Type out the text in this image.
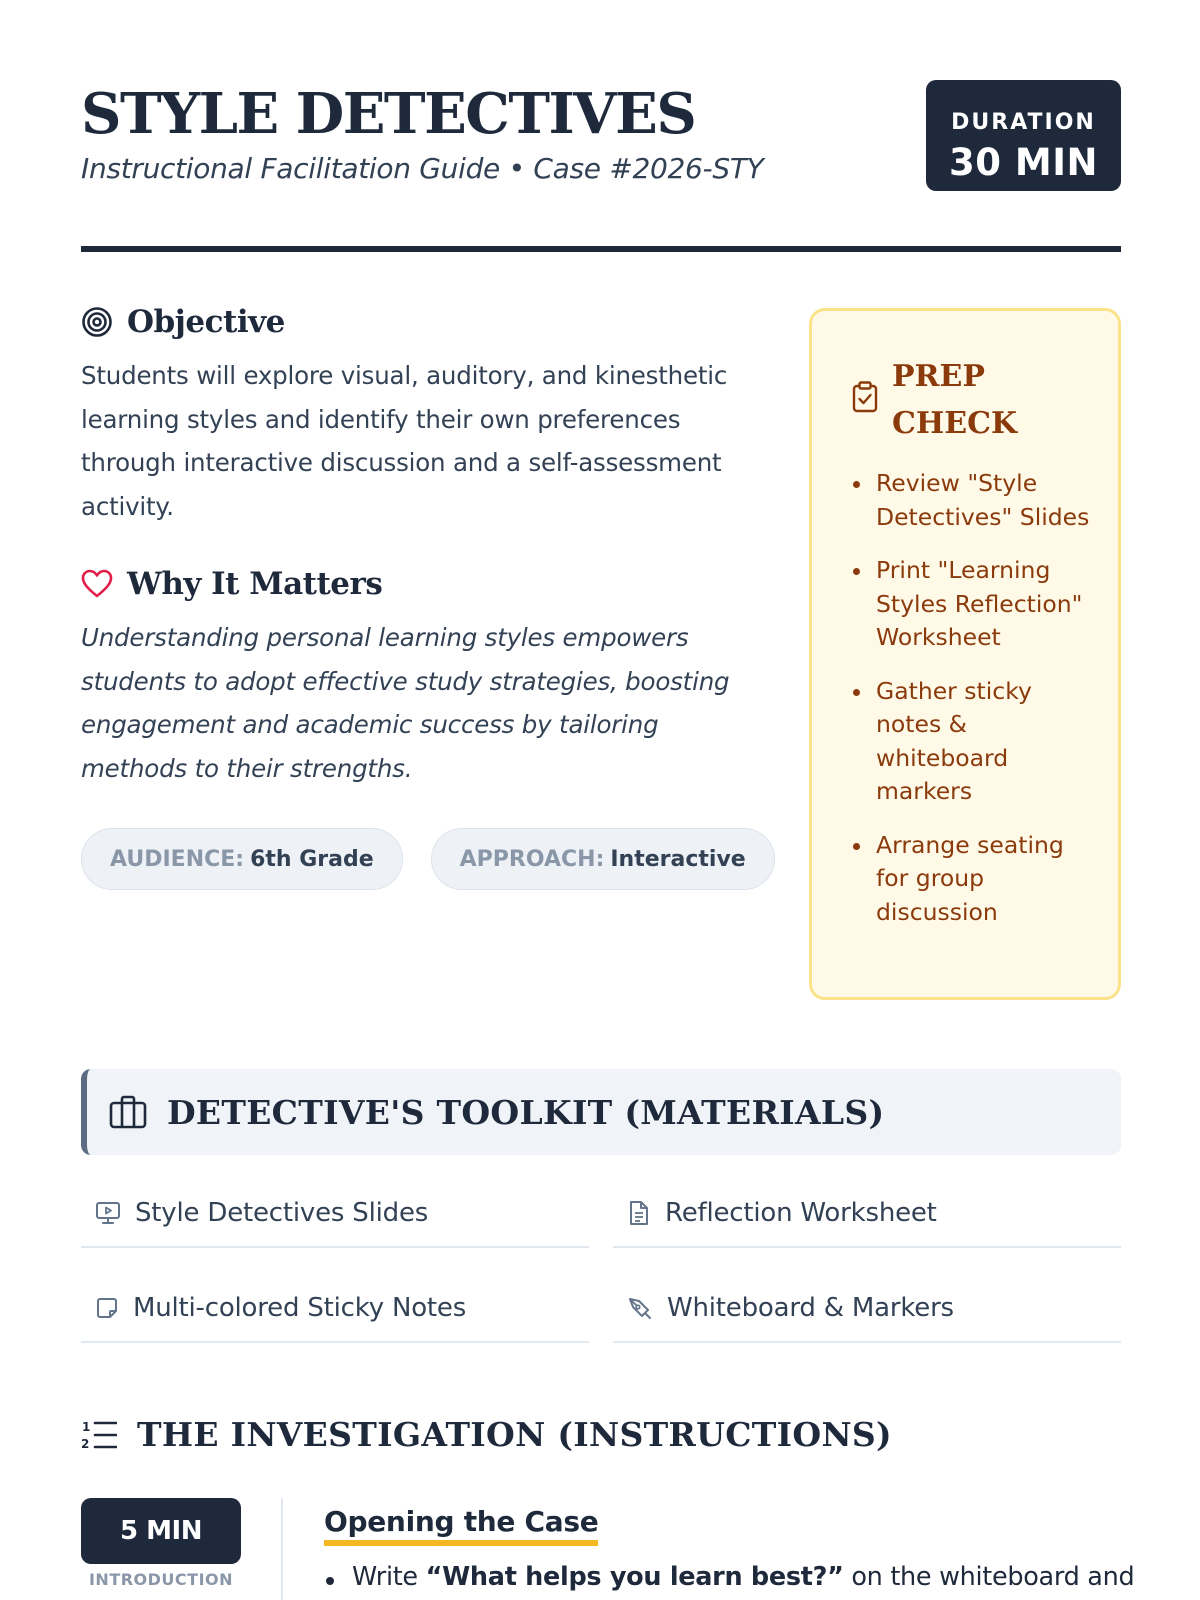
STYLE DETECTIVES
Instructional Facilitation Guide • Case #2026-STY
DURATION
30 MIN
Objective

Students will explore visual, auditory, and kinesthetic learning styles and identify their own preferences through interactive discussion and a self-assessment activity.

Why It Matters

Understanding personal learning styles empowers students to adopt effective study strategies, boosting engagement and academic success by tailoring methods to their strengths.

AUDIENCE: 6th Grade	APPROACH: Interactive
PREP CHECK
Review "Style Detectives" Slides
Print "Learning Styles Reflection" Worksheet
Gather sticky notes & whiteboard markers
Arrange seating for group discussion
DETECTIVE'S TOOLKIT (MATERIALS)
Style Detectives Slides	Reflection Worksheet
Multi-colored Sticky Notes	Whiteboard & Markers
1
2 THE INVESTIGATION (INSTRUCTIONS)
5 MIN
INTRODUCTION
Opening the Case
Write “What helps you learn best?” on the whiteboard and
